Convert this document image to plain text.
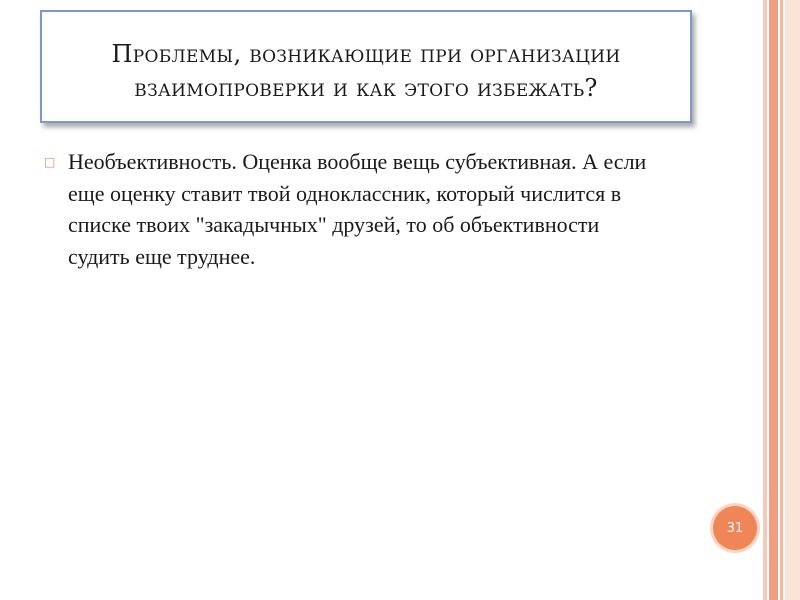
Проблемы, возникающие при организации
взаимопроверки и как этого избежать?
□ Необъективность. Оценка вообще вещь субъективная. А если еще оценку ставит твой одноклассник, который числится в списке твоих "закадычных" друзей, то об объективности судить еще труднее.
31
